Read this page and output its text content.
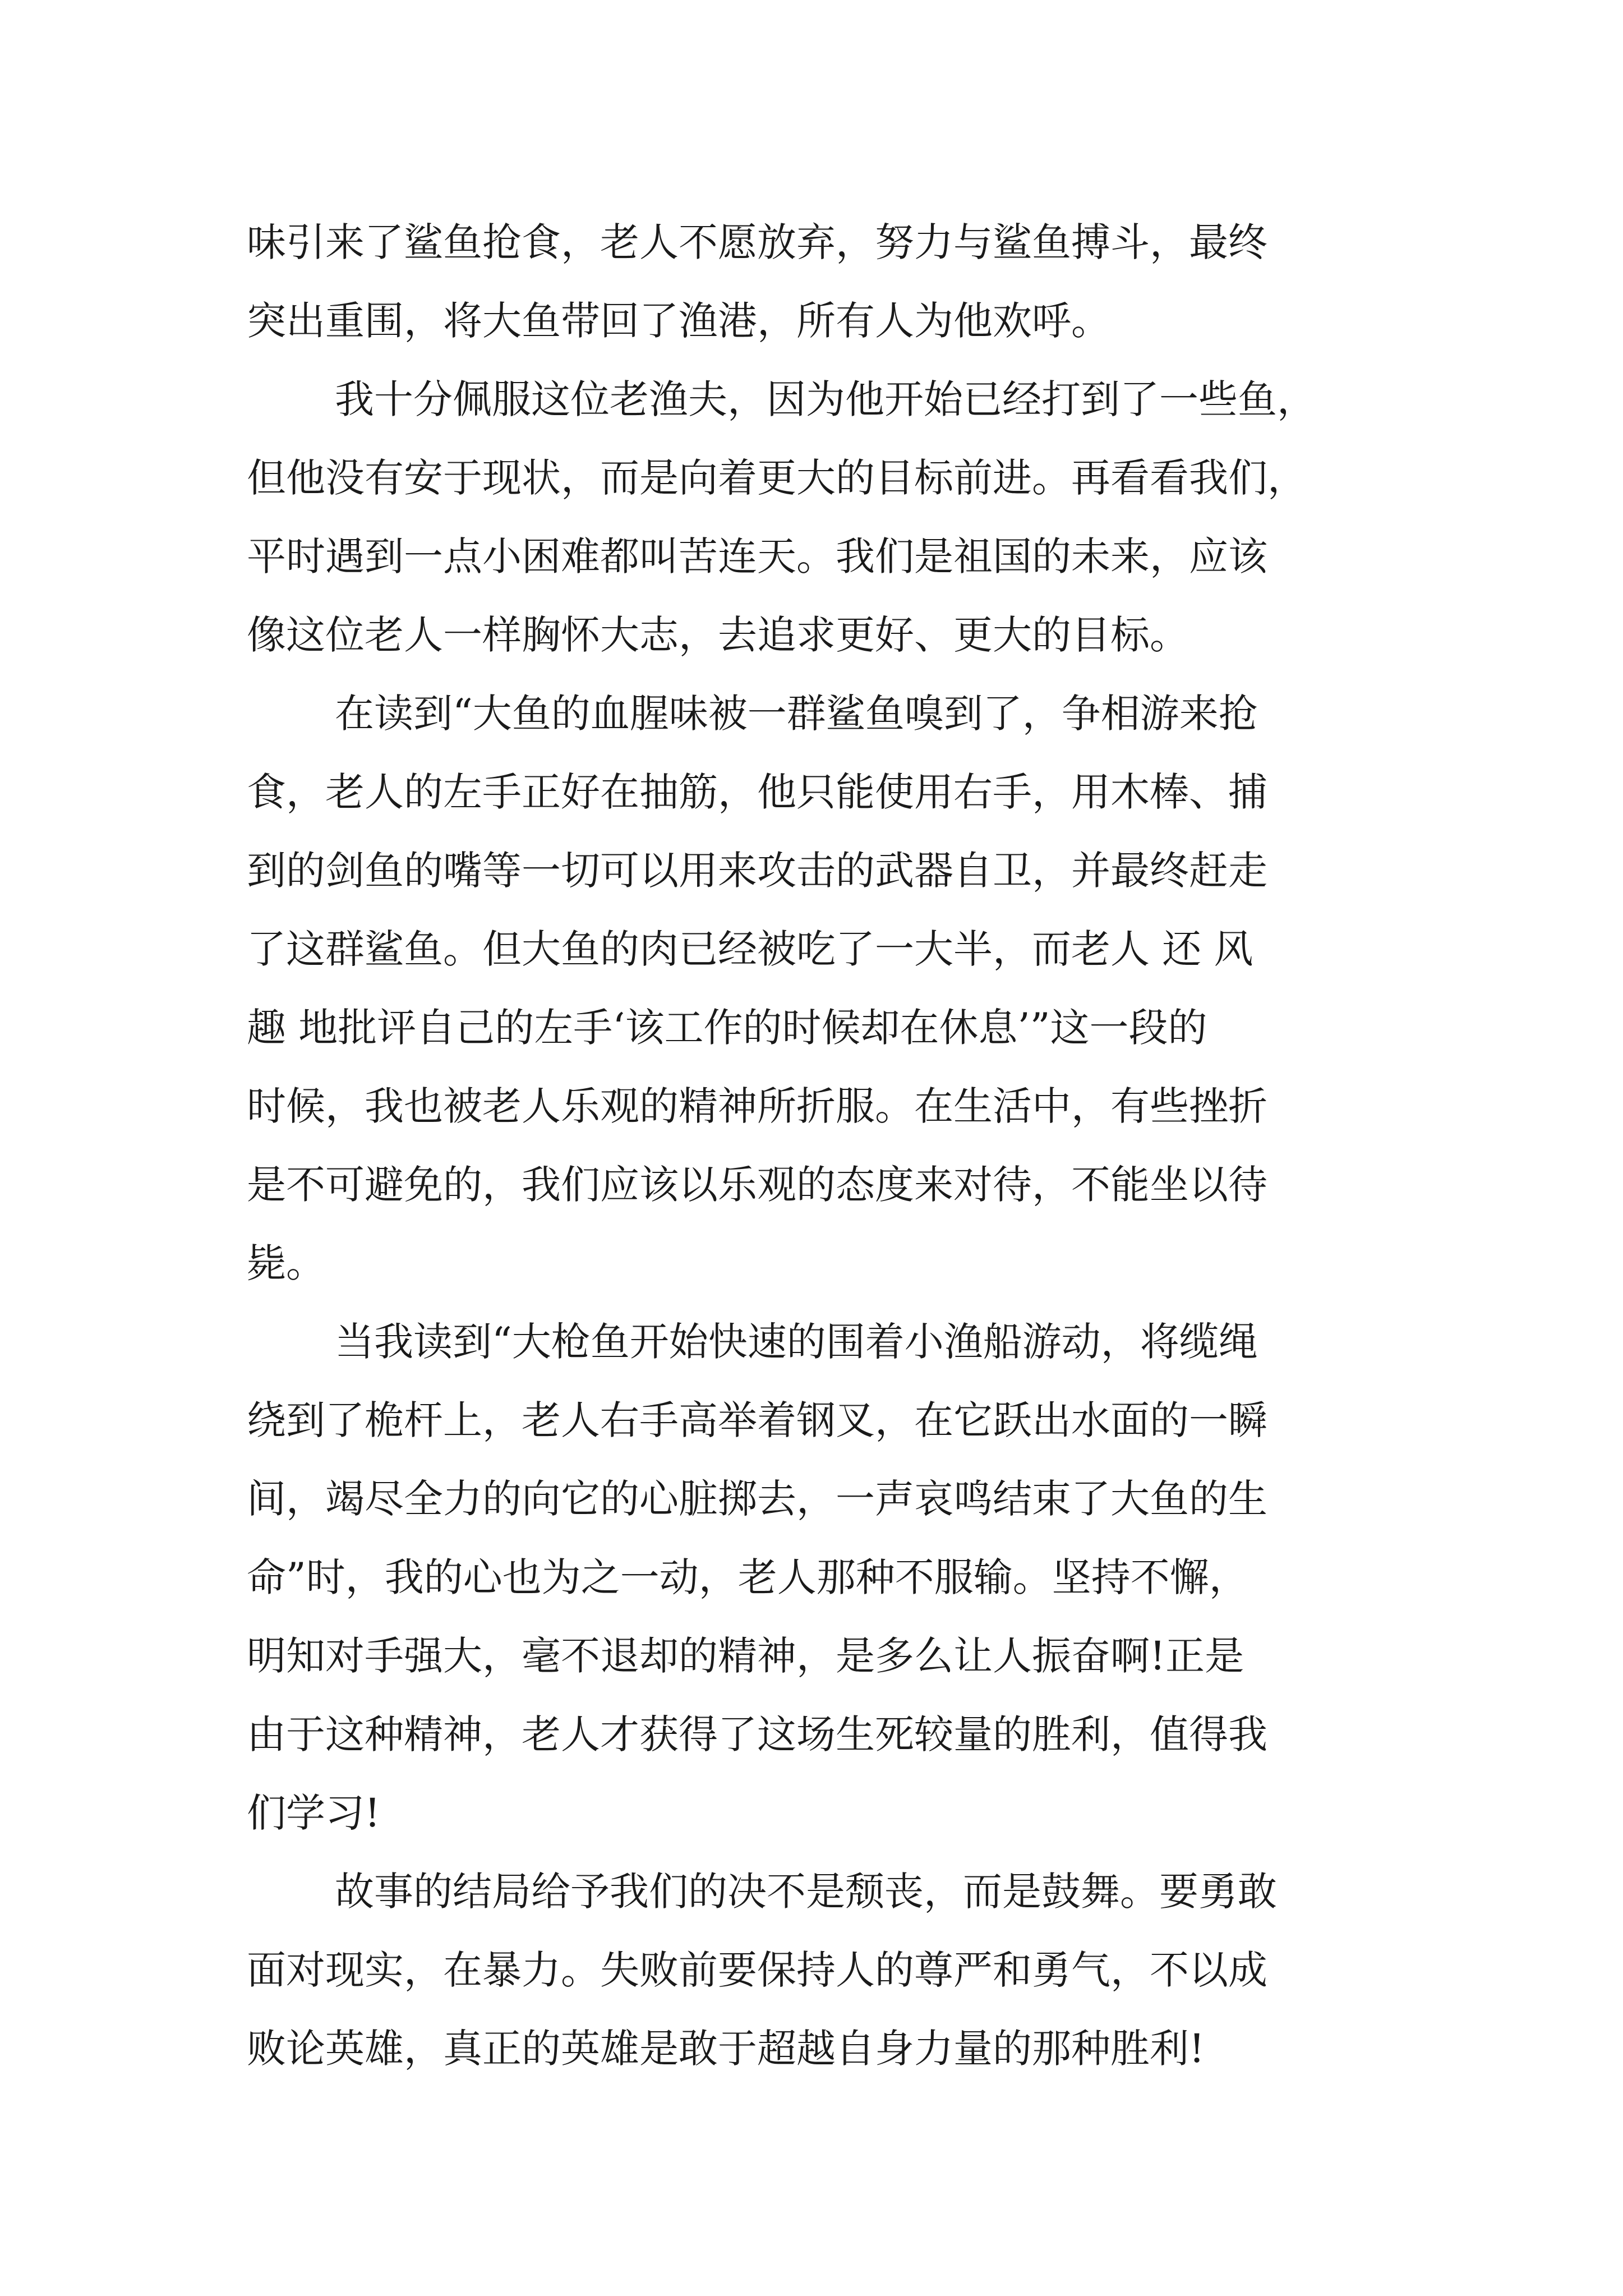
味引来了鲨鱼抢食，老人不愿放弃，努力与鲨鱼搏斗，最终
突出重围，将大鱼带回了渔港，所有人为他欢呼。
我十分佩服这位老渔夫，因为他开始已经打到了一些鱼，
但他没有安于现状，而是向着更大的目标前进。再看看我们，
平时遇到一点小困难都叫苦连天。我们是祖国的未来，应该
像这位老人一样胸怀大志，去追求更好、更大的目标。
在读到“大鱼的血腥味被一群鲨鱼嗅到了，争相游来抢
食，老人的左手正好在抽筋，他只能使用右手，用木棒、捕
到的剑鱼的嘴等一切可以用来攻击的武器自卫，并最终赶走
了这群鲨鱼。但大鱼的肉已经被吃了一大半，而老人 还 风
趣 地批评自己的左手‘该工作的时候却在休息’”这一段的
时候，我也被老人乐观的精神所折服。在生活中，有些挫折
是不可避免的，我们应该以乐观的态度来对待，不能坐以待
毙。
当我读到“大枪鱼开始快速的围着小渔船游动，将缆绳
绕到了桅杆上，老人右手高举着钢叉，在它跃出水面的一瞬
间，竭尽全力的向它的心脏掷去，一声哀鸣结束了大鱼的生
命”时，我的心也为之一动，老人那种不服输。坚持不懈，
明知对手强大，毫不退却的精神，是多么让人振奋啊!正是
由于这种精神，老人才获得了这场生死较量的胜利，值得我
们学习!
故事的结局给予我们的决不是颓丧，而是鼓舞。要勇敢
面对现实，在暴力。失败前要保持人的尊严和勇气，不以成
败论英雄，真正的英雄是敢于超越自身力量的那种胜利!
